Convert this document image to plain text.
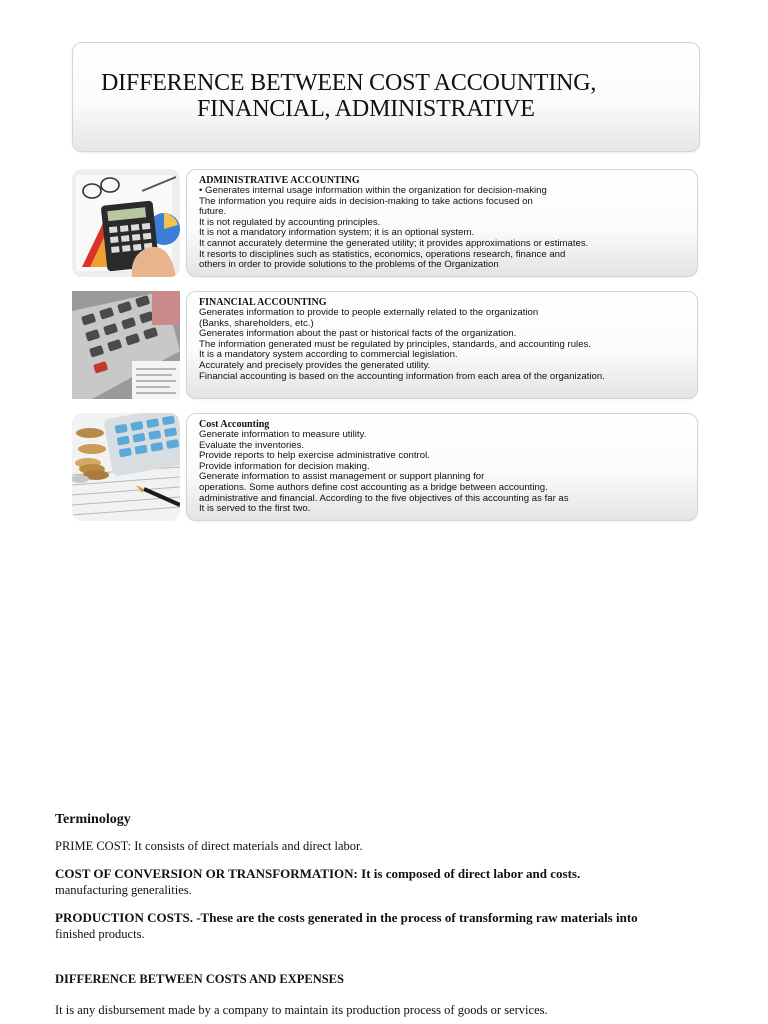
DIFFERENCE BETWEEN COST ACCOUNTING,
FINANCIAL, ADMINISTRATIVE
ADMINISTRATIVE ACCOUNTING
• Generates internal usage information within the organization for decision-making
The information you require aids in decision-making to take actions focused on
future.
It is not regulated by accounting principles.
It is not a mandatory information system; it is an optional system.
It cannot accurately determine the generated utility; it provides approximations or estimates.
It resorts to disciplines such as statistics, economics, operations research, finance and
others in order to provide solutions to the problems of the Organization
FINANCIAL ACCOUNTING
Generates information to provide to people externally related to the organization
(Banks, shareholders, etc.)
Generates information about the past or historical facts of the organization.
The information generated must be regulated by principles, standards, and accounting rules.
It is a mandatory system according to commercial legislation.
Accurately and precisely provides the generated utility.
Financial accounting is based on the accounting information from each area of the organization.
Cost Accounting
Generate information to measure utility.
Evaluate the inventories.
Provide reports to help exercise administrative control.
Provide information for decision making.
Generate information to assist management or support planning for
operations. Some authors define cost accounting as a bridge between accounting.
administrative and financial. According to the five objectives of this accounting as far as
It is served to the first two.
Terminology

PRIME COST: It consists of direct materials and direct labor.

COST OF CONVERSION OR TRANSFORMATION: It is composed of direct labor and costs.
manufacturing generalities.

PRODUCTION COSTS. -These are the costs generated in the process of transforming raw materials into
finished products.

DIFFERENCE BETWEEN COSTS AND EXPENSES
It is any disbursement made by a company to maintain its production process of goods or services.
